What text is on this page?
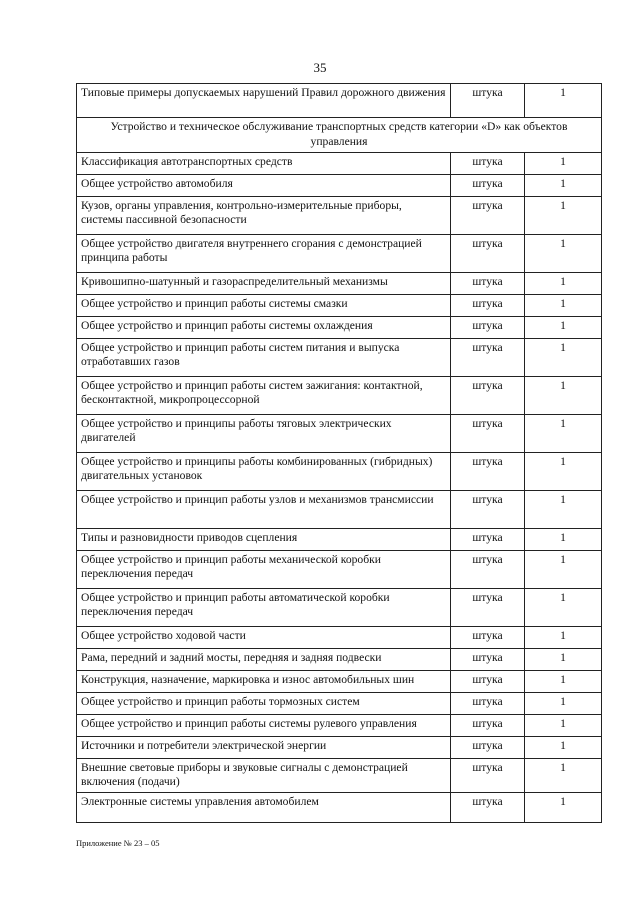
35
Типовые примеры допускаемых нарушений Правил дорожного движения	штука	1
Устройство и техническое обслуживание транспортных средств категории «D» как объектов управления		
Классификация автотранспортных средств	штука	1
Общее устройство автомобиля	штука	1
Кузов, органы управления, контрольно-измерительные приборы, системы пассивной безопасности	штука	1
Общее устройство двигателя внутреннего сгорания с демонстрацией принципа работы	штука	1
Кривошипно-шатунный и газораспределительный механизмы	штука	1
Общее устройство и принцип работы системы смазки	штука	1
Общее устройство и принцип работы системы охлаждения	штука	1
Общее устройство и принцип работы систем питания и выпуска отработавших газов	штука	1
Общее устройство и принцип работы систем зажигания: контактной, бесконтактной, микропроцессорной	штука	1
Общее устройство и принципы работы тяговых электрических двигателей	штука	1
Общее устройство и принципы работы комбинированных (гибридных) двигательных установок	штука	1
Общее устройство и принцип работы узлов и механизмов трансмиссии	штука	1
Типы и разновидности приводов сцепления	штука	1
Общее устройство и принцип работы механической коробки переключения передач	штука	1
Общее устройство и принцип работы автоматической коробки переключения передач	штука	1
Общее устройство ходовой части	штука	1
Рама, передний и задний мосты, передняя и задняя подвески	штука	1
Конструкция, назначение, маркировка и износ автомобильных шин	штука	1
Общее устройство и принцип работы тормозных систем	штука	1
Общее устройство и принцип работы системы рулевого управления	штука	1
Источники и потребители электрической энергии	штука	1
Внешние световые приборы и звуковые сигналы с демонстрацией включения (подачи)	штука	1
Электронные системы управления автомобилем	штука	1
Приложение № 23 – 05
